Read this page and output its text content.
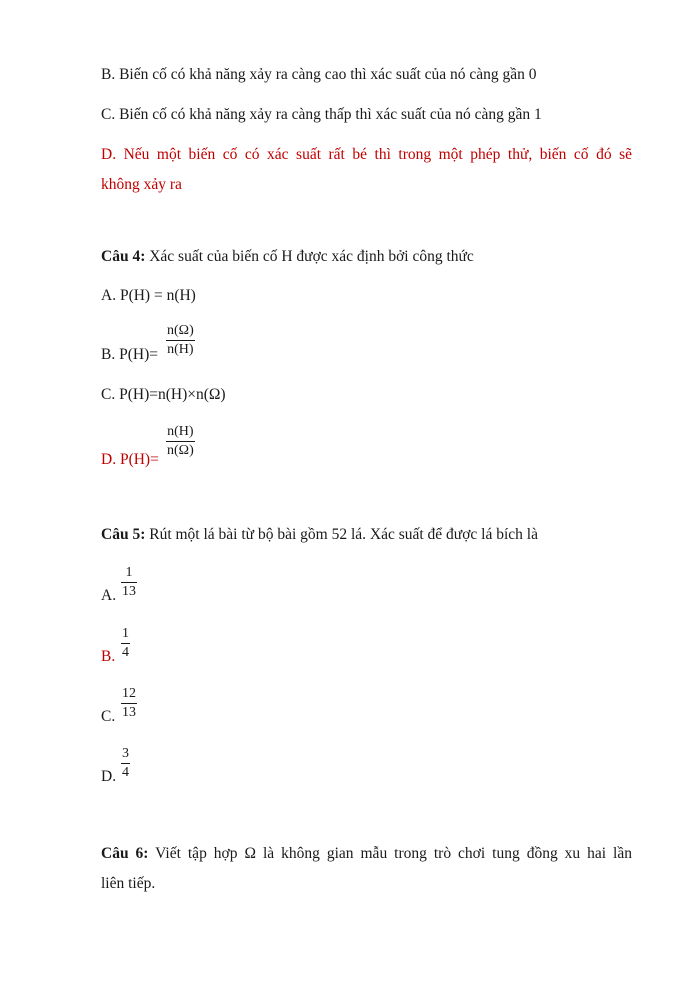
B. Biến cố có khả năng xảy ra càng cao thì xác suất của nó càng gần 0
C. Biến cố có khả năng xảy ra càng thấp thì xác suất của nó càng gần 1
D. Nếu một biến cố có xác suất rất bé thì trong một phép thử, biến cố đó sẽ
không xảy ra
Câu 4: Xác suất của biến cố H được xác định bởi công thức
A. P(H) = n(H)
B. P(H)=
n(Ω)
n(H)
C. P(H)=n(H)×n(Ω)
D. P(H)=
n(H)
n(Ω)
Câu 5: Rút một lá bài từ bộ bài gồm 52 lá. Xác suất để được lá bích là
A.
1
13
B.
1
4
C.
12
13
D.
3
4
Câu 6: Viết tập hợp Ω là không gian mẫu trong trò chơi tung đồng xu hai lần
liên tiếp.
